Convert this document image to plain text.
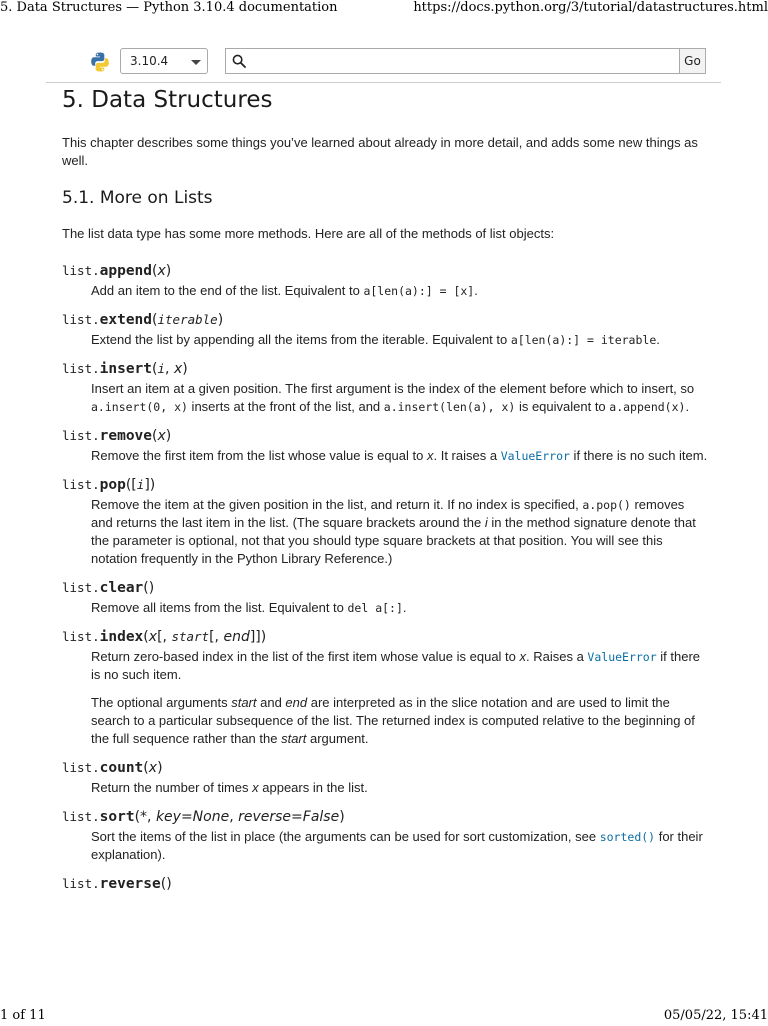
5. Data Structures — Python 3.10.4 documentation	https://docs.python.org/3/tutorial/datastructures.html
3.10.4	Go
5. Data Structures

This chapter describes some things you’ve learned about already in more detail, and adds some new things as well.

5.1. More on Lists

The list data type has some more methods. Here are all of the methods of list objects:

list.append(x)

Add an item to the end of the list. Equivalent to a[len(a):] = [x].

list.extend(iterable)

Extend the list by appending all the items from the iterable. Equivalent to a[len(a):] = iterable.

list.insert(i, x)

Insert an item at a given position. The first argument is the index of the element before which to insert, so a.insert(0, x) inserts at the front of the list, and a.insert(len(a), x) is equivalent to a.append(x).

list.remove(x)

Remove the first item from the list whose value is equal to x. It raises a ValueError if there is no such item.

list.pop([i])

Remove the item at the given position in the list, and return it. If no index is specified, a.pop() removes and returns the last item in the list. (The square brackets around the i in the method signature denote that the parameter is optional, not that you should type square brackets at that position. You will see this notation frequently in the Python Library Reference.)

list.clear()

Remove all items from the list. Equivalent to del a[:].

list.index(x[, start[, end]])

Return zero-based index in the list of the first item whose value is equal to x. Raises a ValueError if there is no such item.

The optional arguments start and end are interpreted as in the slice notation and are used to limit the search to a particular subsequence of the list. The returned index is computed relative to the beginning of the full sequence rather than the start argument.

list.count(x)

Return the number of times x appears in the list.

list.sort(*, key=None, reverse=False)

Sort the items of the list in place (the arguments can be used for sort customization, see sorted() for their explanation).

list.reverse()
1 of 11	05/05/22, 15:41
